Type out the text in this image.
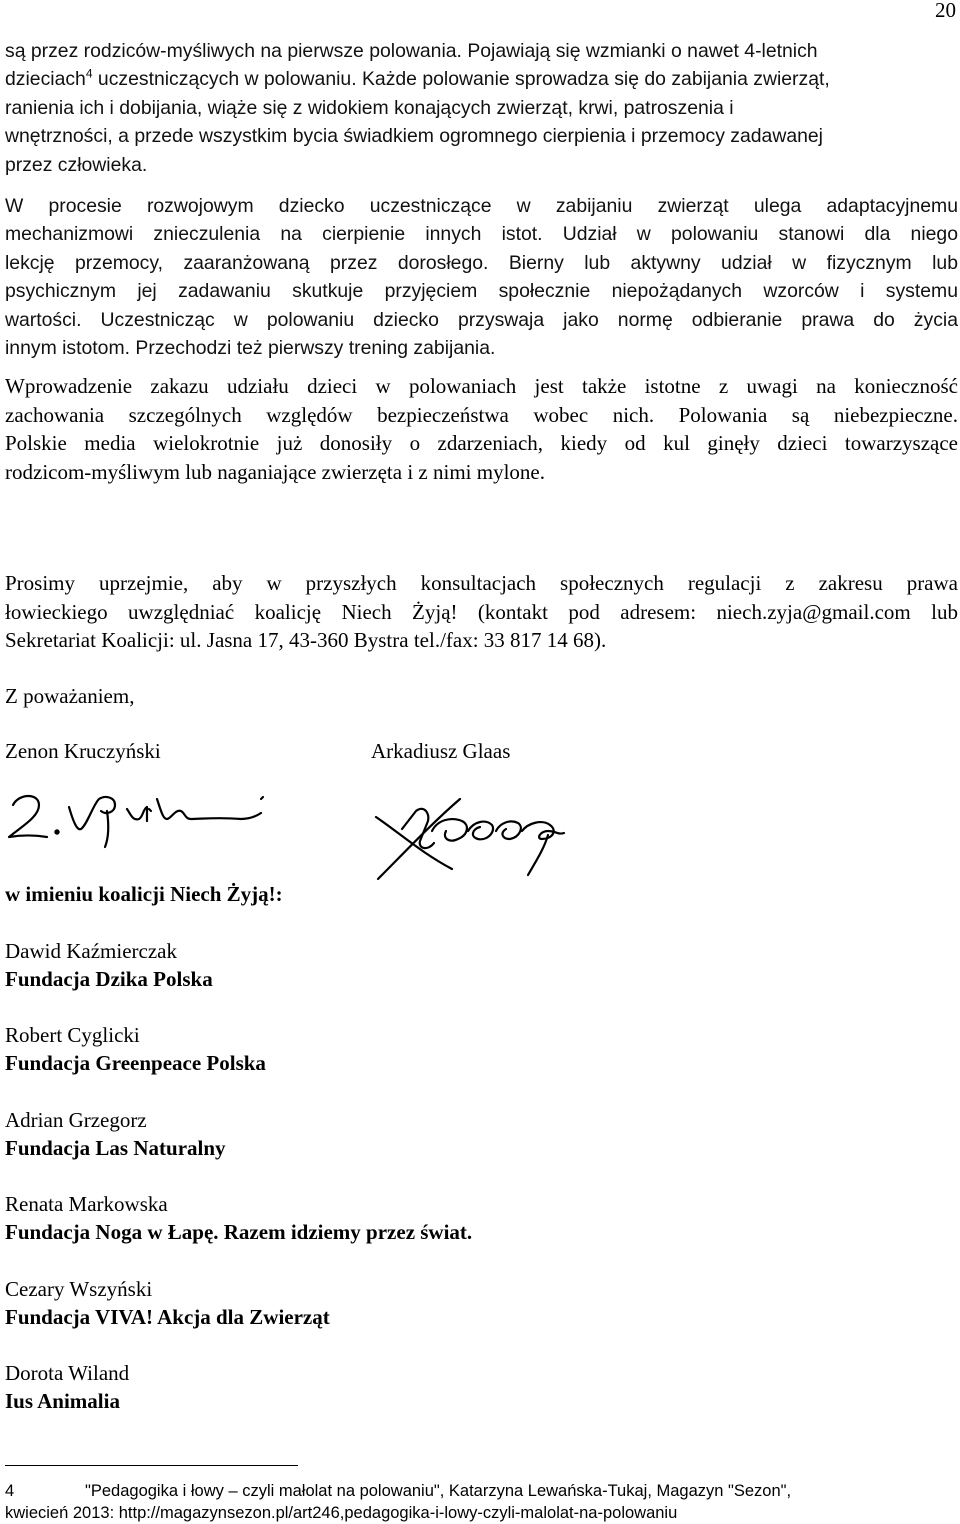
20
są przez rodziców-myśliwych na pierwsze polowania. Pojawiają się wzmianki o nawet 4-letnich
dzieciach$^4$ uczestniczących w polowaniu. Każde polowanie sprowadza się do zabijania zwierząt,
ranienia ich i dobijania, wiąże się z widokiem konających zwierząt, krwi, patroszenia i
wnętrzności, a przede wszystkim bycia świadkiem ogromnego cierpienia i przemocy zadawanej
przez człowieka.
W procesie rozwojowym dziecko uczestniczące w zabijaniu zwierząt ulega adaptacyjnemu
mechanizmowi znieczulenia na cierpienie innych istot. Udział w polowaniu stanowi dla niego
lekcję przemocy, zaaranżowaną przez dorosłego. Bierny lub aktywny udział w fizycznym lub
psychicznym jej zadawaniu skutkuje przyjęciem społecznie niepożądanych wzorców i systemu
wartości. Uczestnicząc w polowaniu dziecko przyswaja jako normę odbieranie prawa do życia
innym istotom. Przechodzi też pierwszy trening zabijania.
Wprowadzenie zakazu udziału dzieci w polowaniach jest także istotne z uwagi na konieczność
zachowania szczególnych względów bezpieczeństwa wobec nich. Polowania są niebezpieczne.
Polskie media wielokrotnie już donosiły o zdarzeniach, kiedy od kul ginęły dzieci towarzyszące
rodzicom-myśliwym lub naganiające zwierzęta i z nimi mylone.
Prosimy uprzejmie, aby w przyszłych konsultacjach społecznych regulacji z zakresu prawa
łowieckiego uwzględniać koalicję Niech Żyją! (kontakt pod adresem: niech.zyja@gmail.com lub
Sekretariat Koalicji: ul. Jasna 17, 43-360 Bystra tel./fax: 33 817 14 68).
Z poważaniem,
Zenon Kruczyński	Arkadiusz Glaas
w imieniu koalicji Niech Żyją!:
Dawid Kaźmierczak
Fundacja Dzika Polska
Robert Cyglicki
Fundacja Greenpeace Polska
Adrian Grzegorz
Fundacja Las Naturalny
Renata Markowska
Fundacja Noga w Łapę. Razem idziemy przez świat.
Cezary Wszyński
Fundacja VIVA! Akcja dla Zwierząt
Dorota Wiland
Ius Animalia
4	"Pedagogika i łowy – czyli małolat na polowaniu", Katarzyna Lewańska-Tukaj, Magazyn "Sezon",
kwiecień 2013: http://magazynsezon.pl/art246,pedagogika-i-lowy-czyli-malolat-na-polowaniu
